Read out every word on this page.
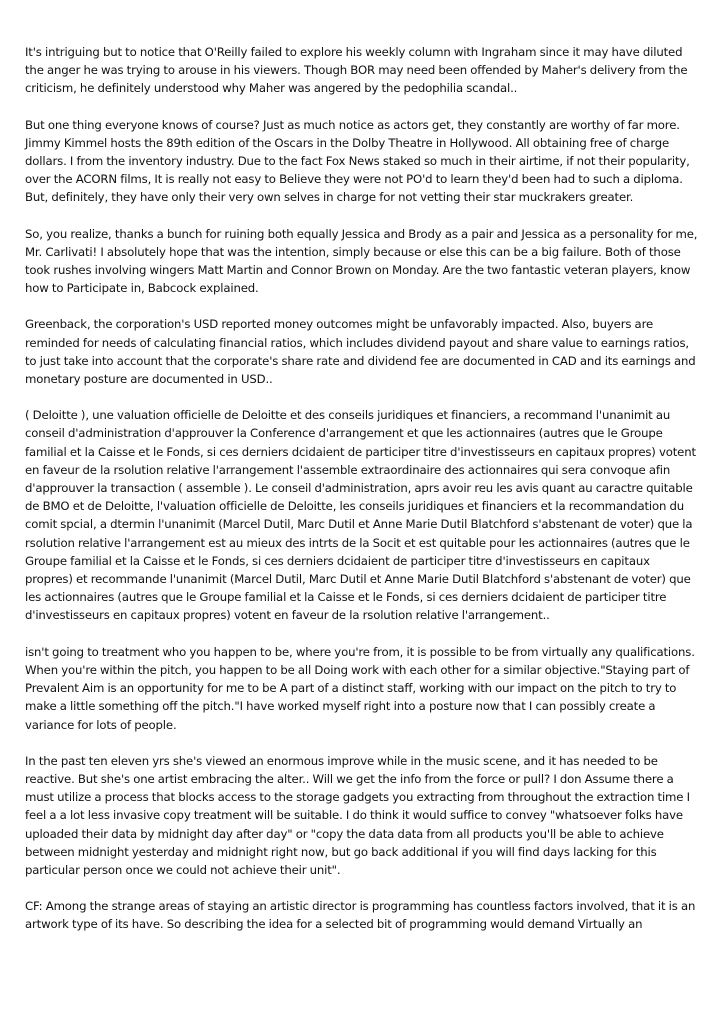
It's intriguing but to notice that O'Reilly failed to explore his weekly column with Ingraham since it may have diluted the anger he was trying to arouse in his viewers. Though BOR may need been offended by Maher's delivery from the criticism, he definitely understood why Maher was angered by the pedophilia scandal..

But one thing everyone knows of course? Just as much notice as actors get, they constantly are worthy of far more. Jimmy Kimmel hosts the 89th edition of the Oscars in the Dolby Theatre in Hollywood. All obtaining free of charge dollars. I from the inventory industry. Due to the fact Fox News staked so much in their airtime, if not their popularity, over the ACORN films, It is really not easy to Believe they were not PO'd to learn they'd been had to such a diploma. But, definitely, they have only their very own selves in charge for not vetting their star muckrakers greater.

So, you realize, thanks a bunch for ruining both equally Jessica and Brody as a pair and Jessica as a personality for me, Mr. Carlivati! I absolutely hope that was the intention, simply because or else this can be a big failure. Both of those took rushes involving wingers Matt Martin and Connor Brown on Monday. Are the two fantastic veteran players, know how to Participate in, Babcock explained.

Greenback, the corporation's USD reported money outcomes might be unfavorably impacted. Also, buyers are reminded for needs of calculating financial ratios, which includes dividend payout and share value to earnings ratios, to just take into account that the corporate's share rate and dividend fee are documented in CAD and its earnings and monetary posture are documented in USD..

( Deloitte ), une valuation officielle de Deloitte et des conseils juridiques et financiers, a recommand l'unanimit au conseil d'administration d'approuver la Conference d'arrangement et que les actionnaires (autres que le Groupe familial et la Caisse et le Fonds, si ces derniers dcidaient de participer titre d'investisseurs en capitaux propres) votent en faveur de la rsolution relative l'arrangement l'assemble extraordinaire des actionnaires qui sera convoque afin d'approuver la transaction ( assemble ). Le conseil d'administration, aprs avoir reu les avis quant au caractre quitable de BMO et de Deloitte, l'valuation officielle de Deloitte, les conseils juridiques et financiers et la recommandation du comit spcial, a dtermin l'unanimit (Marcel Dutil, Marc Dutil et Anne Marie Dutil Blatchford s'abstenant de voter) que la rsolution relative l'arrangement est au mieux des intrts de la Socit et est quitable pour les actionnaires (autres que le Groupe familial et la Caisse et le Fonds, si ces derniers dcidaient de participer titre d'investisseurs en capitaux propres) et recommande l'unanimit (Marcel Dutil, Marc Dutil et Anne Marie Dutil Blatchford s'abstenant de voter) que les actionnaires (autres que le Groupe familial et la Caisse et le Fonds, si ces derniers dcidaient de participer titre d'investisseurs en capitaux propres) votent en faveur de la rsolution relative l'arrangement..

isn't going to treatment who you happen to be, where you're from, it is possible to be from virtually any qualifications. When you're within the pitch, you happen to be all Doing work with each other for a similar objective."Staying part of Prevalent Aim is an opportunity for me to be A part of a distinct staff, working with our impact on the pitch to try to make a little something off the pitch."I have worked myself right into a posture now that I can possibly create a variance for lots of people.

In the past ten eleven yrs she's viewed an enormous improve while in the music scene, and it has needed to be reactive. But she's one artist embracing the alter.. Will we get the info from the force or pull? I don Assume there a must utilize a process that blocks access to the storage gadgets you extracting from throughout the extraction time I feel a a lot less invasive copy treatment will be suitable. I do think it would suffice to convey "whatsoever folks have uploaded their data by midnight day after day" or "copy the data data from all products you'll be able to achieve between midnight yesterday and midnight right now, but go back additional if you will find days lacking for this particular person once we could not achieve their unit".

CF: Among the strange areas of staying an artistic director is programming has countless factors involved, that it is an artwork type of its have. So describing the idea for a selected bit of programming would demand Virtually an
